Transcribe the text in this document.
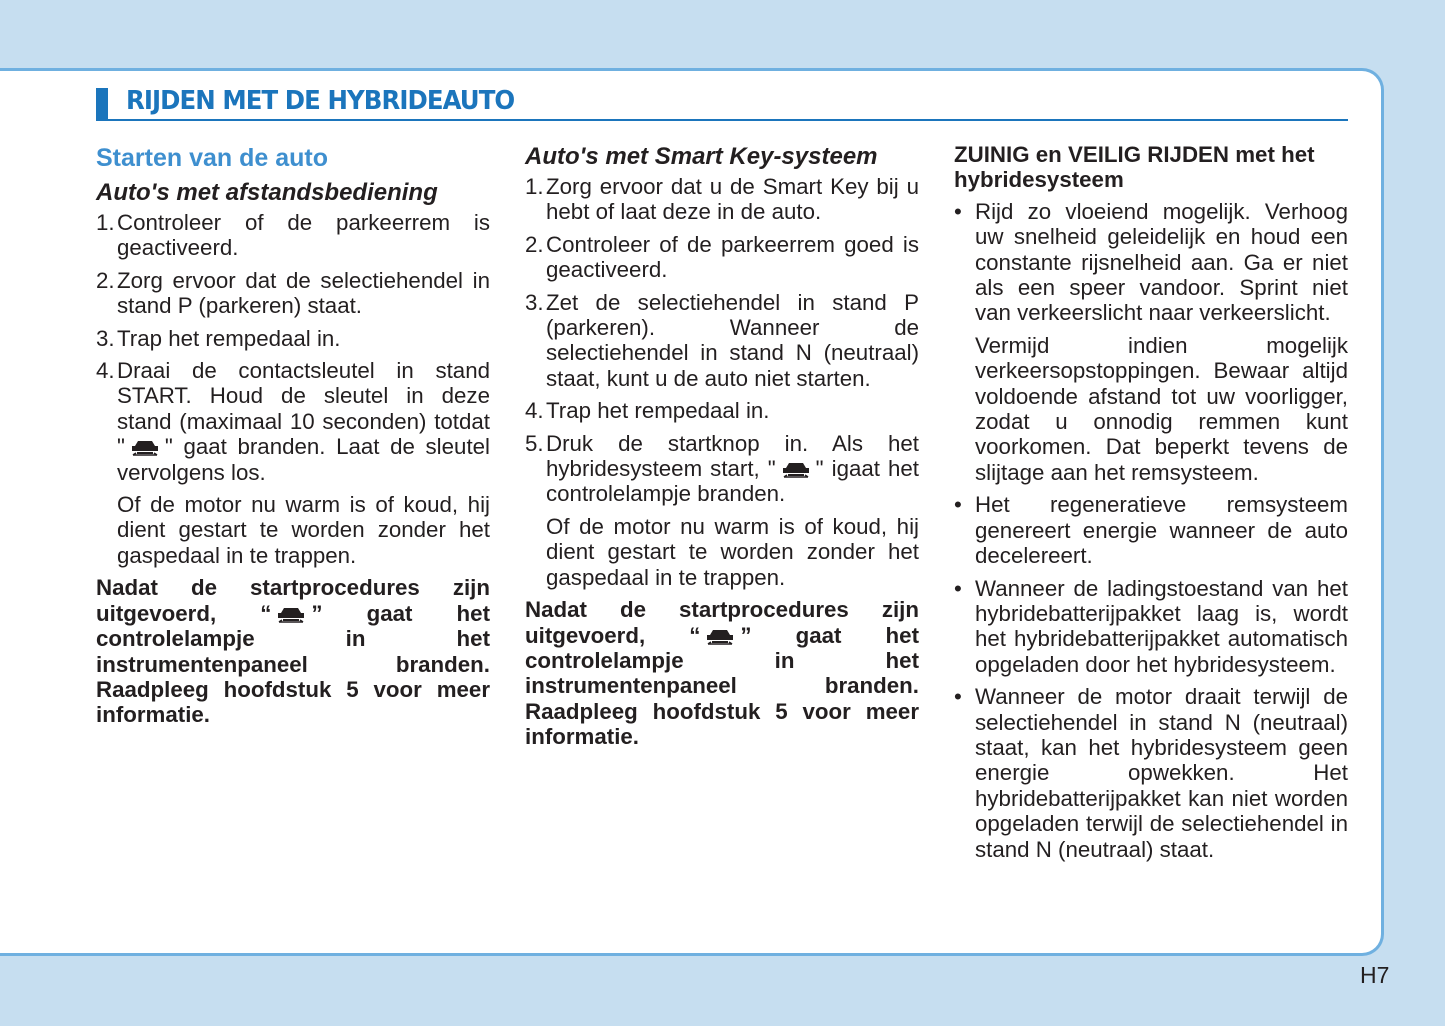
RIJDEN MET DE HYBRIDEAUTO
Starten van de auto
Auto's met afstandsbediening
1. Controleer of de parkeerrem is geactiveerd.
2. Zorg ervoor dat de selectiehendel in stand P (parkeren) staat.
3. Trap het rempedaal in.
4. Draai de contactsleutel in stand START. Houd de sleutel in deze stand (maximaal 10 seconden) totdat " " gaat branden. Laat de sleutel vervolgens los.
Of de motor nu warm is of koud, hij dient gestart te worden zonder het gaspedaal in te trappen.
Nadat de startprocedures zijn uitgevoerd, “ ” gaat het controlelampje in het instrumentenpaneel branden. Raadpleeg hoofdstuk 5 voor meer informatie.
Auto's met Smart Key-systeem
1. Zorg ervoor dat u de Smart Key bij u hebt of laat deze in de auto.
2. Controleer of de parkeerrem goed is geactiveerd.
3. Zet de selectiehendel in stand P (parkeren). Wanneer de selectiehendel in stand N (neutraal) staat, kunt u de auto niet starten.
4. Trap het rempedaal in.
5. Druk de startknop in. Als het hybridesysteem start, " " igaat het controlelampje branden.
Of de motor nu warm is of koud, hij dient gestart te worden zonder het gaspedaal in te trappen.
Nadat de startprocedures zijn uitgevoerd, “ ” gaat het controlelampje in het instrumentenpaneel branden. Raadpleeg hoofdstuk 5 voor meer informatie.
ZUINIG en VEILIG RIJDEN met het hybridesysteem
• Rijd zo vloeiend mogelijk. Verhoog uw snelheid geleidelijk en houd een constante rijsnelheid aan. Ga er niet als een speer vandoor. Sprint niet van verkeerslicht naar verkeerslicht.
Vermijd indien mogelijk verkeersopstoppingen. Bewaar altijd voldoende afstand tot uw voorligger, zodat u onnodig remmen kunt voorkomen. Dat beperkt tevens de slijtage aan het remsysteem.
• Het regeneratieve remsysteem genereert energie wanneer de auto decelereert.
• Wanneer de ladingstoestand van het hybridebatterijpakket laag is, wordt het hybridebatterijpakket automatisch opgeladen door het hybridesysteem.
• Wanneer de motor draait terwijl de selectiehendel in stand N (neutraal) staat, kan het hybridesysteem geen energie opwekken. Het hybridebatterijpakket kan niet worden opgeladen terwijl de selectiehendel in stand N (neutraal) staat.
H7
